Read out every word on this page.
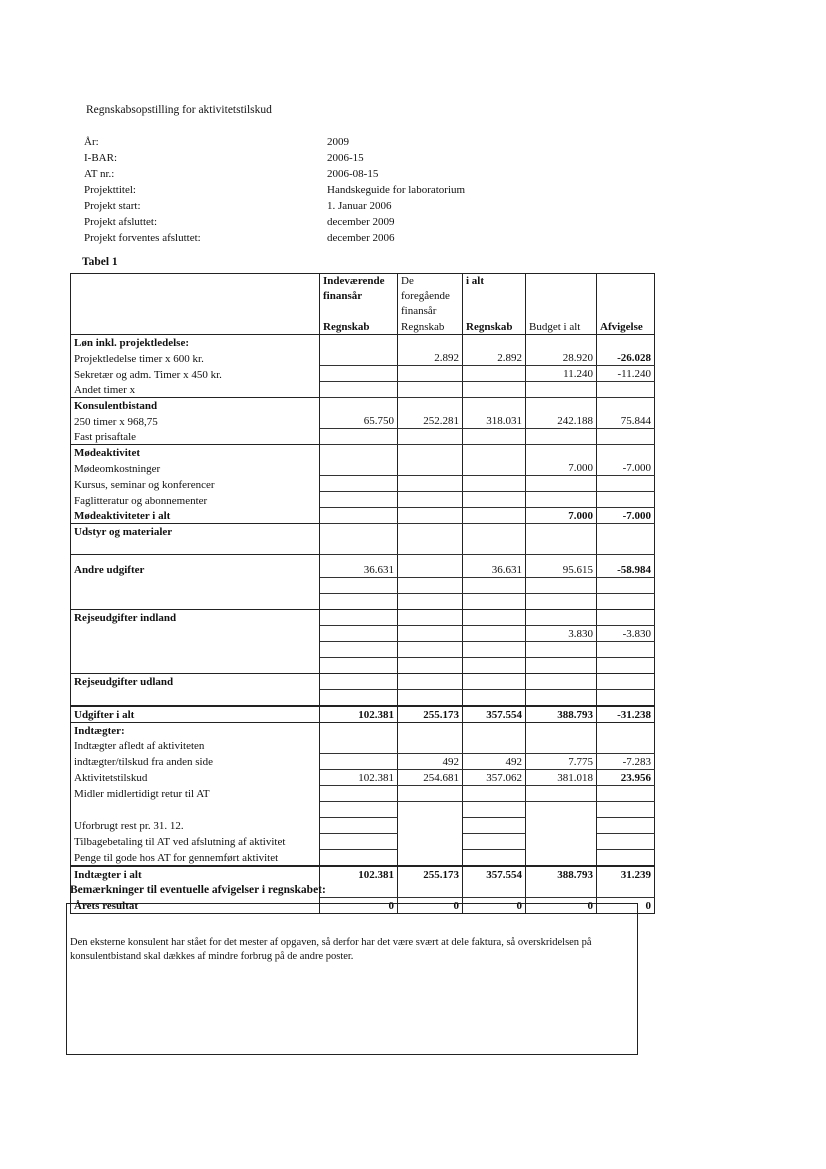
Regnskabsopstilling for aktivitetstilskud
År:	2009
I-BAR:	2006-15
AT nr.:	2006-08-15
Projekttitel:	Handskeguide for laboratorium
Projekt start:	1. Januar 2006
Projekt afsluttet:	december 2009
Projekt forventes afsluttet:	december 2006
Tabel 1
	Indeværende	De	i alt		
	finansår	foregående			
		finansår			
	Regnskab	Regnskab	Regnskab	Budget i alt	Afvigelse
Løn inkl. projektledelse:					
Projektledelse timer x 600 kr.		2.892	2.892	28.920	-26.028
Sekretær og adm. Timer x 450 kr.				11.240	-11.240
Andet timer x					
Konsulentbistand					
250 timer x 968,75	65.750	252.281	318.031	242.188	75.844
Fast prisaftale					
Mødeaktivitet					
Mødeomkostninger				7.000	-7.000
Kursus, seminar og konferencer					
Faglitteratur og abonnementer					
Mødeaktiviteter i alt				7.000	-7.000
Udstyr og materialer					

Andre udgifter	36.631		36.631	95.615	-58.984

Rejseudgifter indland					
				3.830	-3.830

Rejseudgifter udland					

Udgifter i alt	102.381	255.173	357.554	388.793	-31.238
Indtægter:					
Indtægter afledt af aktiviteten					
indtægter/tilskud fra anden side		492	492	7.775	-7.283
Aktivitetstilskud	102.381	254.681	357.062	381.018	23.956
Midler midlertidigt retur til AT					

Uforbrugt rest pr. 31. 12.					
Tilbagebetaling til AT ved afslutning af aktivitet					
Penge til gode hos AT for gennemført aktivitet					
Indtægter i alt	102.381	255.173	357.554	388.793	31.239

Årets resultat	0	0	0	0	0
Bemærkninger til eventuelle afvigelser i regnskabet:
Den eksterne konsulent har stået for det mester af opgaven, så derfor har det være svært at dele faktura, så overskridelsen på konsulentbistand skal dækkes af mindre forbrug på de andre poster.
